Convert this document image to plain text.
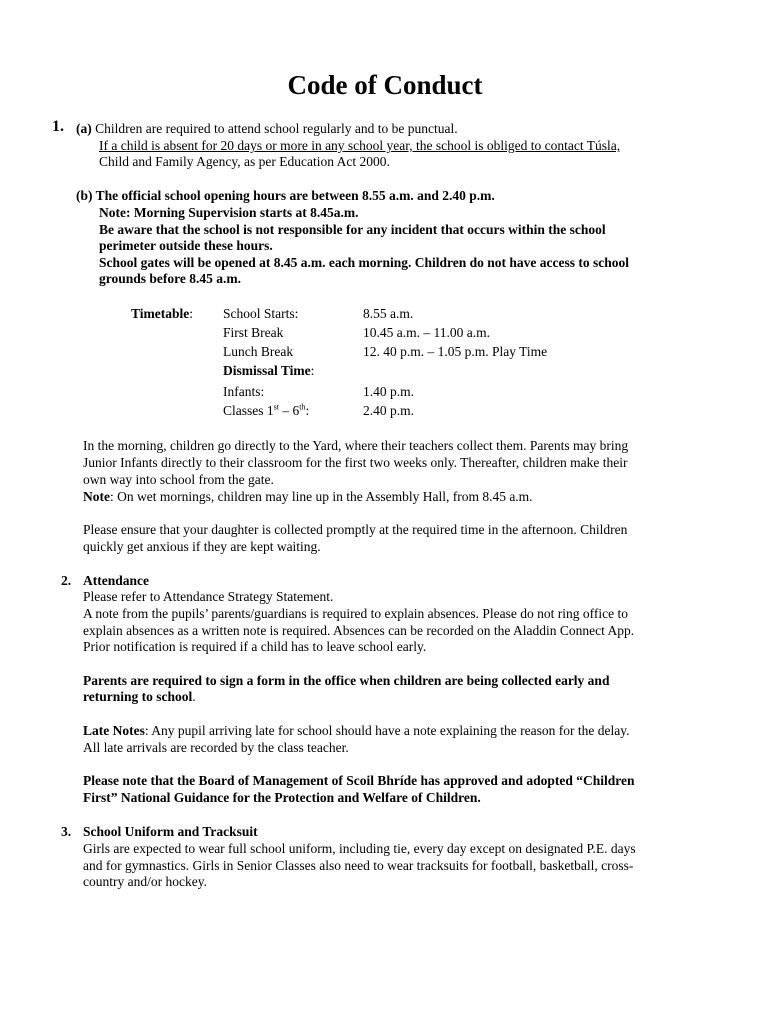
Code of Conduct
1. (a) Children are required to attend school regularly and to be punctual.
If a child is absent for 20 days or more in any school year, the school is obliged to contact Túsla,
Child and Family Agency, as per Education Act 2000.
(b) The official school opening hours are between 8.55 a.m. and 2.40 p.m.
Note: Morning Supervision starts at 8.45a.m.
Be aware that the school is not responsible for any incident that occurs within the school
perimeter outside these hours.
School gates will be opened at 8.45 a.m. each morning. Children do not have access to school
grounds before 8.45 a.m.
Timetable: School Starts:	8.55 a.m.
First Break	10.45 a.m. – 11.00 a.m.
Lunch Break	12. 40 p.m. – 1.05 p.m. Play Time
Dismissal Time:
Infants:	1.40 p.m.
Classes 1st – 6th:	2.40 p.m.
In the morning, children go directly to the Yard, where their teachers collect them. Parents may bring
Junior Infants directly to their classroom for the first two weeks only. Thereafter, children make their
own way into school from the gate.
Note: On wet mornings, children may line up in the Assembly Hall, from 8.45 a.m.
Please ensure that your daughter is collected promptly at the required time in the afternoon. Children
quickly get anxious if they are kept waiting.
2. Attendance
Please refer to Attendance Strategy Statement.
A note from the pupils’ parents/guardians is required to explain absences. Please do not ring office to
explain absences as a written note is required. Absences can be recorded on the Aladdin Connect App.
Prior notification is required if a child has to leave school early.
Parents are required to sign a form in the office when children are being collected early and
returning to school.
Late Notes: Any pupil arriving late for school should have a note explaining the reason for the delay.
All late arrivals are recorded by the class teacher.
Please note that the Board of Management of Scoil Bhríde has approved and adopted “Children
First” National Guidance for the Protection and Welfare of Children.
3. School Uniform and Tracksuit
Girls are expected to wear full school uniform, including tie, every day except on designated P.E. days
and for gymnastics. Girls in Senior Classes also need to wear tracksuits for football, basketball, cross-
country and/or hockey.
